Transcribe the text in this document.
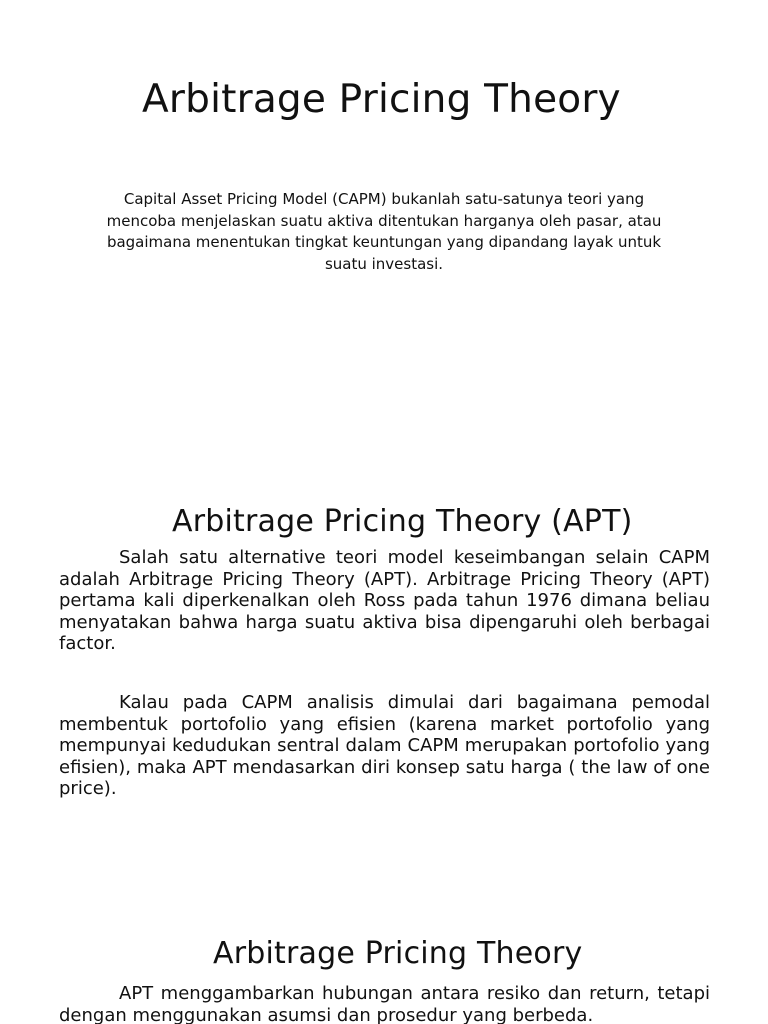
Arbitrage Pricing Theory
Capital Asset Pricing Model (CAPM) bukanlah satu-satunya teori yang mencoba menjelaskan suatu aktiva ditentukan harganya oleh pasar, atau bagaimana menentukan tingkat keuntungan yang dipandang layak untuk suatu investasi.
Arbitrage Pricing Theory (APT)

Salah satu alternative teori model keseimbangan selain CAPM adalah Arbitrage Pricing Theory (APT). Arbitrage Pricing Theory (APT) pertama kali diperkenalkan oleh Ross pada tahun 1976 dimana beliau menyatakan bahwa harga suatu aktiva bisa dipengaruhi oleh berbagai factor.

Kalau pada CAPM analisis dimulai dari bagaimana pemodal membentuk portofolio yang efisien (karena market portofolio yang mempunyai kedudukan sentral dalam CAPM merupakan portofolio yang efisien), maka APT mendasarkan diri konsep satu harga ( the law of one price).

Arbitrage Pricing Theory

APT menggambarkan hubungan antara resiko dan return, tetapi dengan menggunakan asumsi dan prosedur yang berbeda.
